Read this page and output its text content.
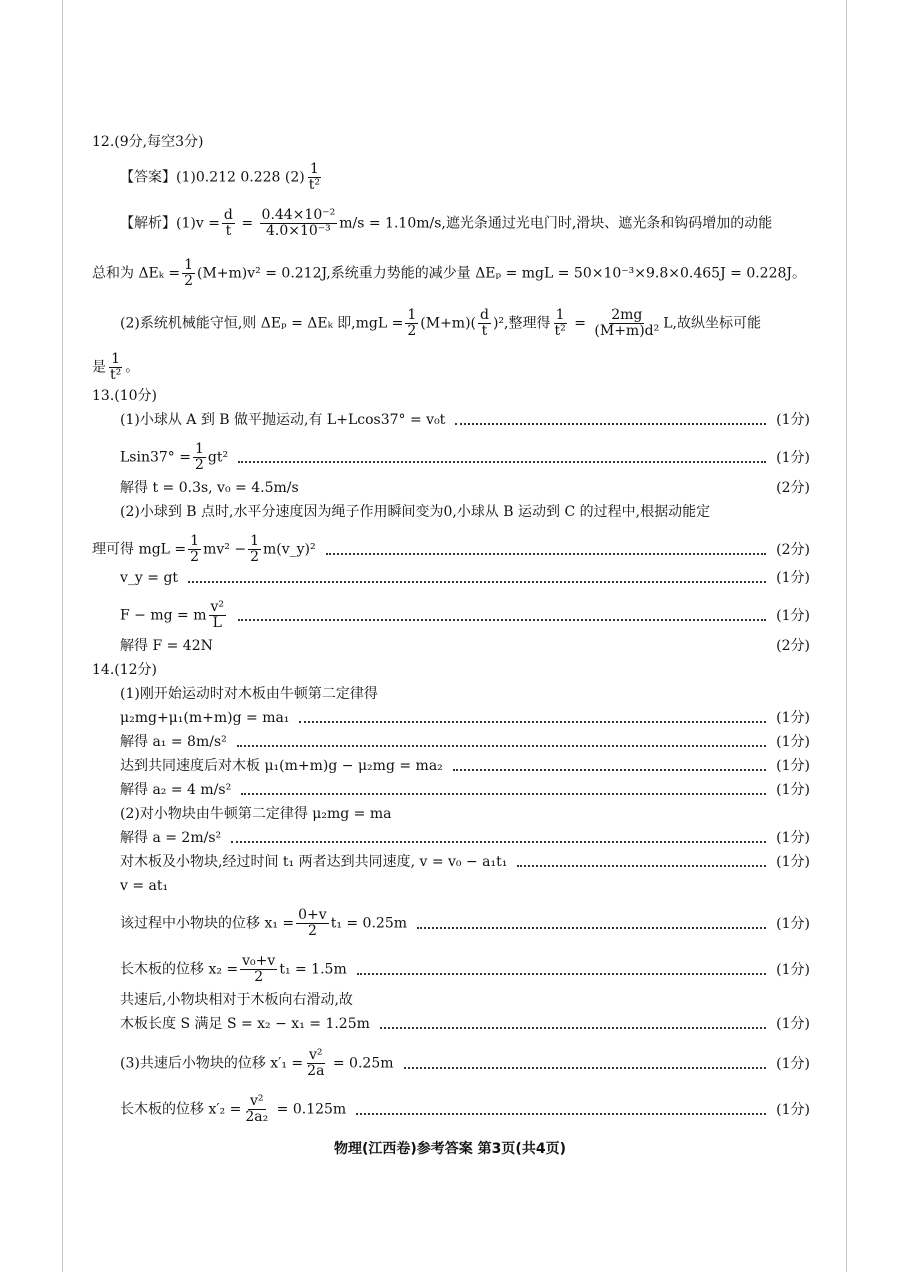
12.(9分,每空3分)
【答案】(1)0.212 0.228 $(2) \frac{1}{\text{t²}}$
【解析】$(1)v = \frac{d}{t} = \frac{\text{0.44×10⁻²}}{\text{4.0×10⁻³}} m/s = 1.10m/s$,遮光条通过光电门时,滑块、遮光条和钩码增加的动能
总和为 $\Delta E_k = \frac{1}{2} (M+m)v^2 = 0.212J$,系统重力势能的减少量 ΔEₚ = mgL = 50×10⁻³×9.8×0.465J = 0.228J。
(2)系统机械能守恒,则 ΔEₚ = ΔEₖ 即$,mgL = \frac{1}{2} (M+m)( \frac{d}{t} )^2$,整理得 $\frac{1}{\text{t²}} = \frac{2mg}{\text{(M+m)d²}} L$,故纵坐标可能
是 $\frac{1}{\text{t²}}$ 。
13.(10分)
(1)小球从 A 到 B 做平抛运动,有 L+Lcos37° = v₀t	(1分)
$Lsin37^\circ = \frac{1}{2} gt^2$	(1分)
解得 t = 0.3s, v₀ = 4.5m/s	(2分)
(2)小球到 B 点时,水平分速度因为绳子作用瞬间变为0,小球从 B 运动到 C 的过程中,根据动能定
理可得 mgL = $\frac{1}{2} mv^2 - \frac{1}{2}$ m(v_y)²	(2分)
v_y = gt	(1分)
F − mg = m $\frac{\text{v²}}{L}$	(1分)
解得 F = 42N	(2分)
14.(12分)
(1)刚开始运动时对木板由牛顿第二定律得
μ₂mg+μ₁(m+m)g = ma₁	(1分)
解得 a₁ = 8m/s²	(1分)
达到共同速度后对木板 μ₁(m+m)g − μ₂mg = ma₂	(1分)
解得 a₂ = 4 m/s²	(1分)
(2)对小物块由牛顿第二定律得 μ₂mg = ma
解得 a = 2m/s²	(1分)
对木板及小物块,经过时间 t₁ 两者达到共同速度, v = v₀ − a₁t₁	(1分)
v = at₁
该过程中小物块的位移 $x_1 = \frac{0+v}{2} t_1 = 0.25m$	(1分)
长木板的位移 $x_2 = \frac{\text{v₀+v}}{2} t_1 = 1.5m$	(1分)
共速后,小物块相对于木板向右滑动,故
木板长度 S 满足 S = x₂ − x₁ = 1.25m	(1分)
(3)共速后小物块的位移 $x'_1 = \frac{\text{v²}}{2a} = 0.25m$	(1分)
长木板的位移 $x'_2 = \frac{\text{v²}}{\text{2a₂}} = 0.125m$	(1分)
物理(江西卷)参考答案 第3页(共4页)
